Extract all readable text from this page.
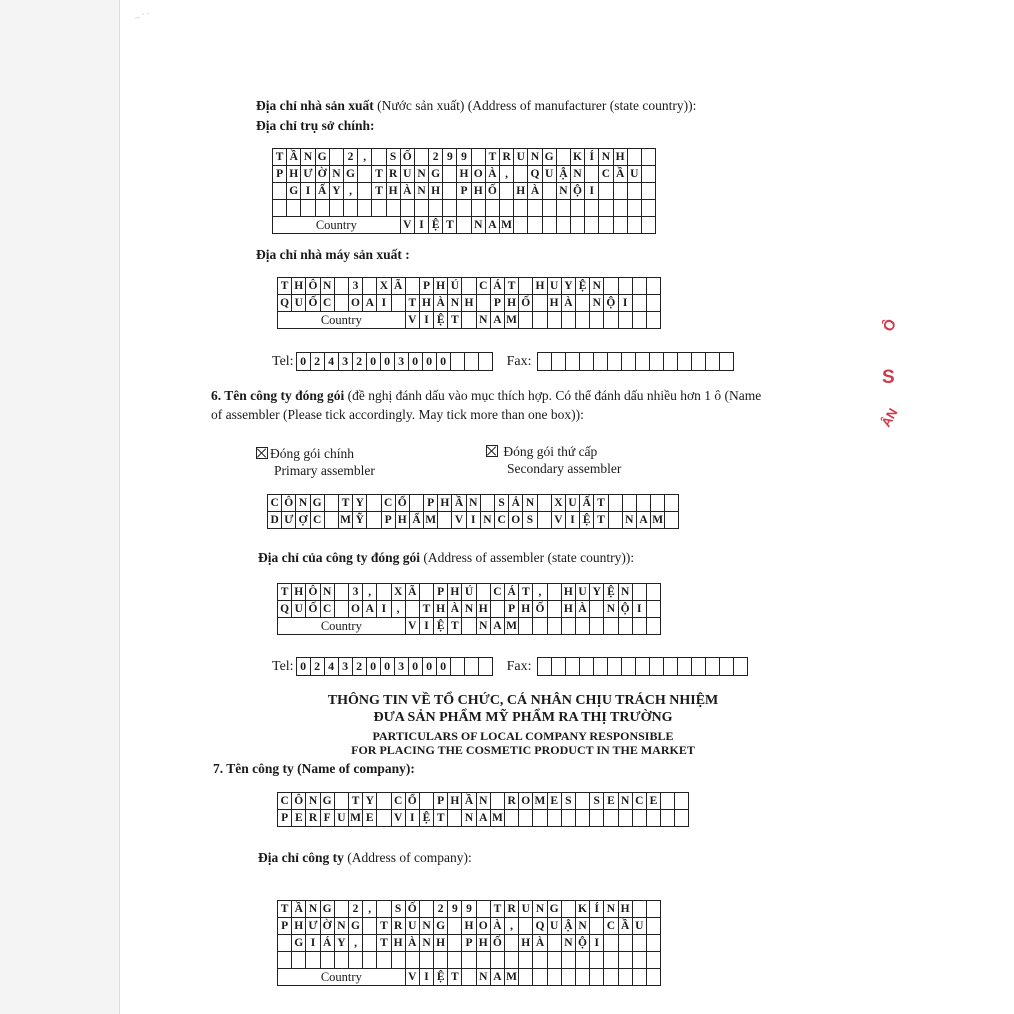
~ ´ `
Địa chỉ nhà sản xuất (Nước sản xuất) (Address of manufacturer (state country)):
Địa chỉ trụ sở chính:
T	Ầ	N	G		2	,		S	Ố		2	9	9		T	R	U	N	G		K	Í	N	H		
P	H	Ư	Ờ	N	G		T	R	U	N	G		H	O	À	,		Q	U	Ậ	N		C	Ầ	U	
	G	I	Ấ	Y	,		T	H	À	N	H		P	H	Ố		H	À		N	Ộ	I				

Country									V	I	Ệ	T		N	A	M										
Địa chỉ nhà máy sản xuất :
T	H	Ô	N		3		X	Ã		P	H	Ú		C	Á	T		H	U	Y	Ệ	N				
Q	U	Ố	C		O	A	I		T	H	À	N	H		P	H	Ố		H	À		N	Ộ	I		
Country									V	I	Ệ	T		N	A	M										
Tel: 0 2 4 3 2 0 0 3 0 0 0	Fax:
6. Tên công ty đóng gói (đề nghị đánh dấu vào mục thích hợp. Có thể đánh dấu nhiều hơn 1 ô (Name
of assembler (Please tick accordingly. May tick more than one box)):
Đóng gói chính
Primary assembler
Đóng gói thứ cấp
Secondary assembler
C	Ô	N	G		T	Y		C	Ổ		P	H	Ầ	N		S	Ả	N		X	U	Ấ	T					
D	Ư	Ợ	C		M	Ỹ		P	H	Ẩ	M		V	I	N	C	O	S		V	I	Ệ	T		N	A	M	
Địa chỉ của công ty đóng gói (Address of assembler (state country)):
T	H	Ô	N		3	,		X	Ã		P	H	Ú		C	Á	T	,		H	U	Y	Ệ	N		
Q	U	Ố	C		O	A	I	,		T	H	À	N	H		P	H	Ố		H	À		N	Ộ	I	
Country									V	I	Ệ	T		N	A	M										
Tel: 0 2 4 3 2 0 0 3 0 0 0	Fax:
THÔNG TIN VỀ TỔ CHỨC, CÁ NHÂN CHỊU TRÁCH NHIỆM
ĐƯA SẢN PHẨM MỸ PHẨM RA THỊ TRƯỜNG
PARTICULARS OF LOCAL COMPANY RESPONSIBLE
FOR PLACING THE COSMETIC PRODUCT IN THE MARKET
7. Tên công ty (Name of company):
C	Ô	N	G		T	Y		C	Ổ		P	H	Ầ	N		R	O	M	E	S		S	E	N	C	E		
P	E	R	F	U	M	E		V	I	Ệ	T		N	A	M													
Địa chỉ công ty (Address of company):
T	Ầ	N	G		2	,		S	Ố		2	9	9		T	R	U	N	G		K	Í	N	H		
P	H	Ư	Ờ	N	G		T	R	U	N	G		H	O	À	,		Q	U	Ậ	N		C	Ầ	U	
	G	I	Á	Y	,		T	H	À	N	H		P	H	Ố		H	À		N	Ộ	I				

Country									V	I	Ệ	T		N	A	M										
Ô
S
ÂN
